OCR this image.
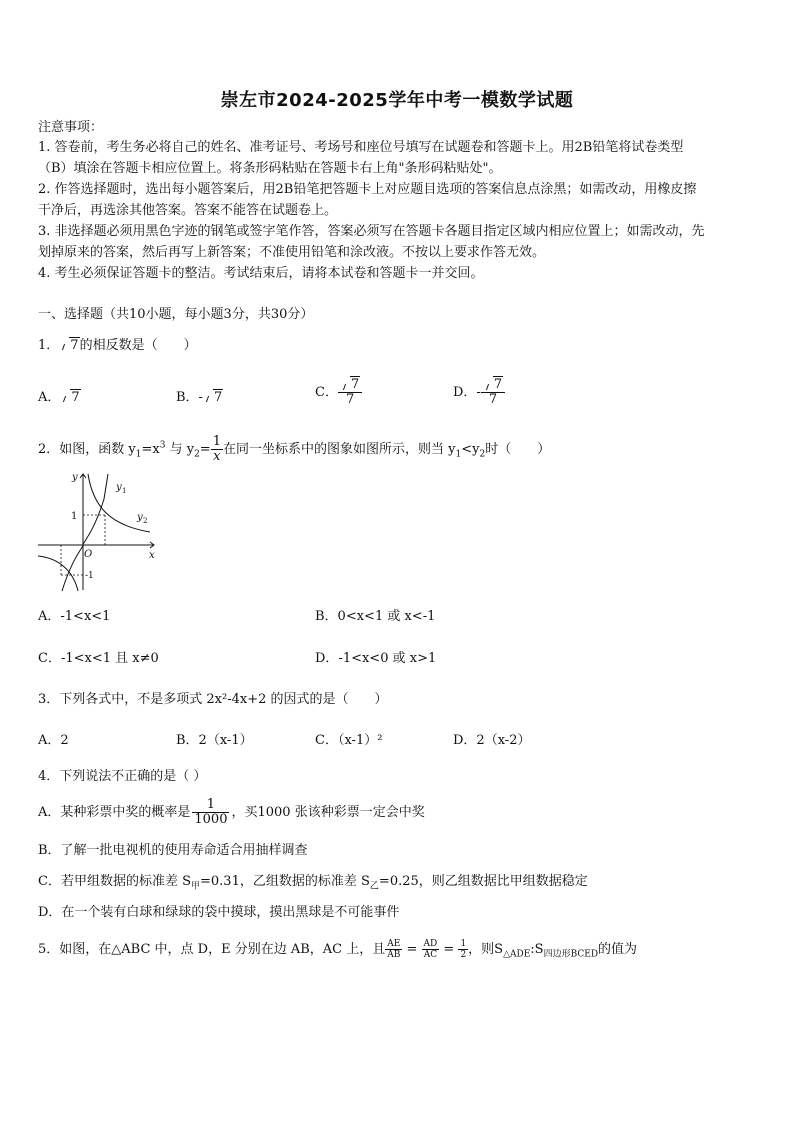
崇左市2024-2025学年中考一模数学试题
注意事项：
1. 答卷前，考生务必将自己的姓名、准考证号、考场号和座位号填写在试题卷和答题卡上。用2B铅笔将试卷类型
（B）填涂在答题卡相应位置上。将条形码粘贴在答题卡右上角"条形码粘贴处"。
2. 作答选择题时，选出每小题答案后，用2B铅笔把答题卡上对应题目选项的答案信息点涂黑；如需改动，用橡皮擦
干净后，再选涂其他答案。答案不能答在试题卷上。
3. 非选择题必须用黑色字迹的钢笔或签字笔作答，答案必须写在答题卡各题目指定区域内相应位置上；如需改动，先
划掉原来的答案，然后再写上新答案；不准使用铅笔和涂改液。不按以上要求作答无效。
4. 考生必须保证答题卡的整洁。考试结束后，请将本试卷和答题卡一并交回。
一、选择题（共10小题，每小题3分，共30分）
1． 7的相反数是（　　）
A． 7	B．- 7	C． $\frac{7}{7}$	D．- $\frac{7}{7}$
2．如图，函数 $y_1=x^3$ 与 $y_2= \frac{1}{x}$ 在同一坐标系中的图象如图所示，则当 $y_1<y_2$时（　　）
y
x
O
1
-1
y 1
y 2
A．-1<x<1	B．0<x<1 或 x<-1
C．-1<x<1 且 x≠0	D．-1<x<0 或 x>1
3．下列各式中，不是多项式 2x²-4x+2 的因式的是（　　）
A．2	B．2（x-1）	C．（x-1）²	D．2（x-2）
4．下列说法不正确的是（ ）
A．某种彩票中奖的概率是 $\frac{1}{1000}$ ，买1000 张该种彩票一定会中奖
B．了解一批电视机的使用寿命适合用抽样调查
C．若甲组数据的标准差 $S_甲=0.31$，乙组数据的标准差 $S_乙=0.25$，则乙组数据比甲组数据稳定
D．在一个装有白球和绿球的袋中摸球，摸出黑球是不可能事件
5．如图，在△ABC 中，点 D，E 分别在边 AB，AC 上，且 $\frac{AE}{AB} = \frac{AD}{AC} = \frac{1}{2}$ ，则$S_{\triangle ADE}:S_{四边形BCED}$的值为
